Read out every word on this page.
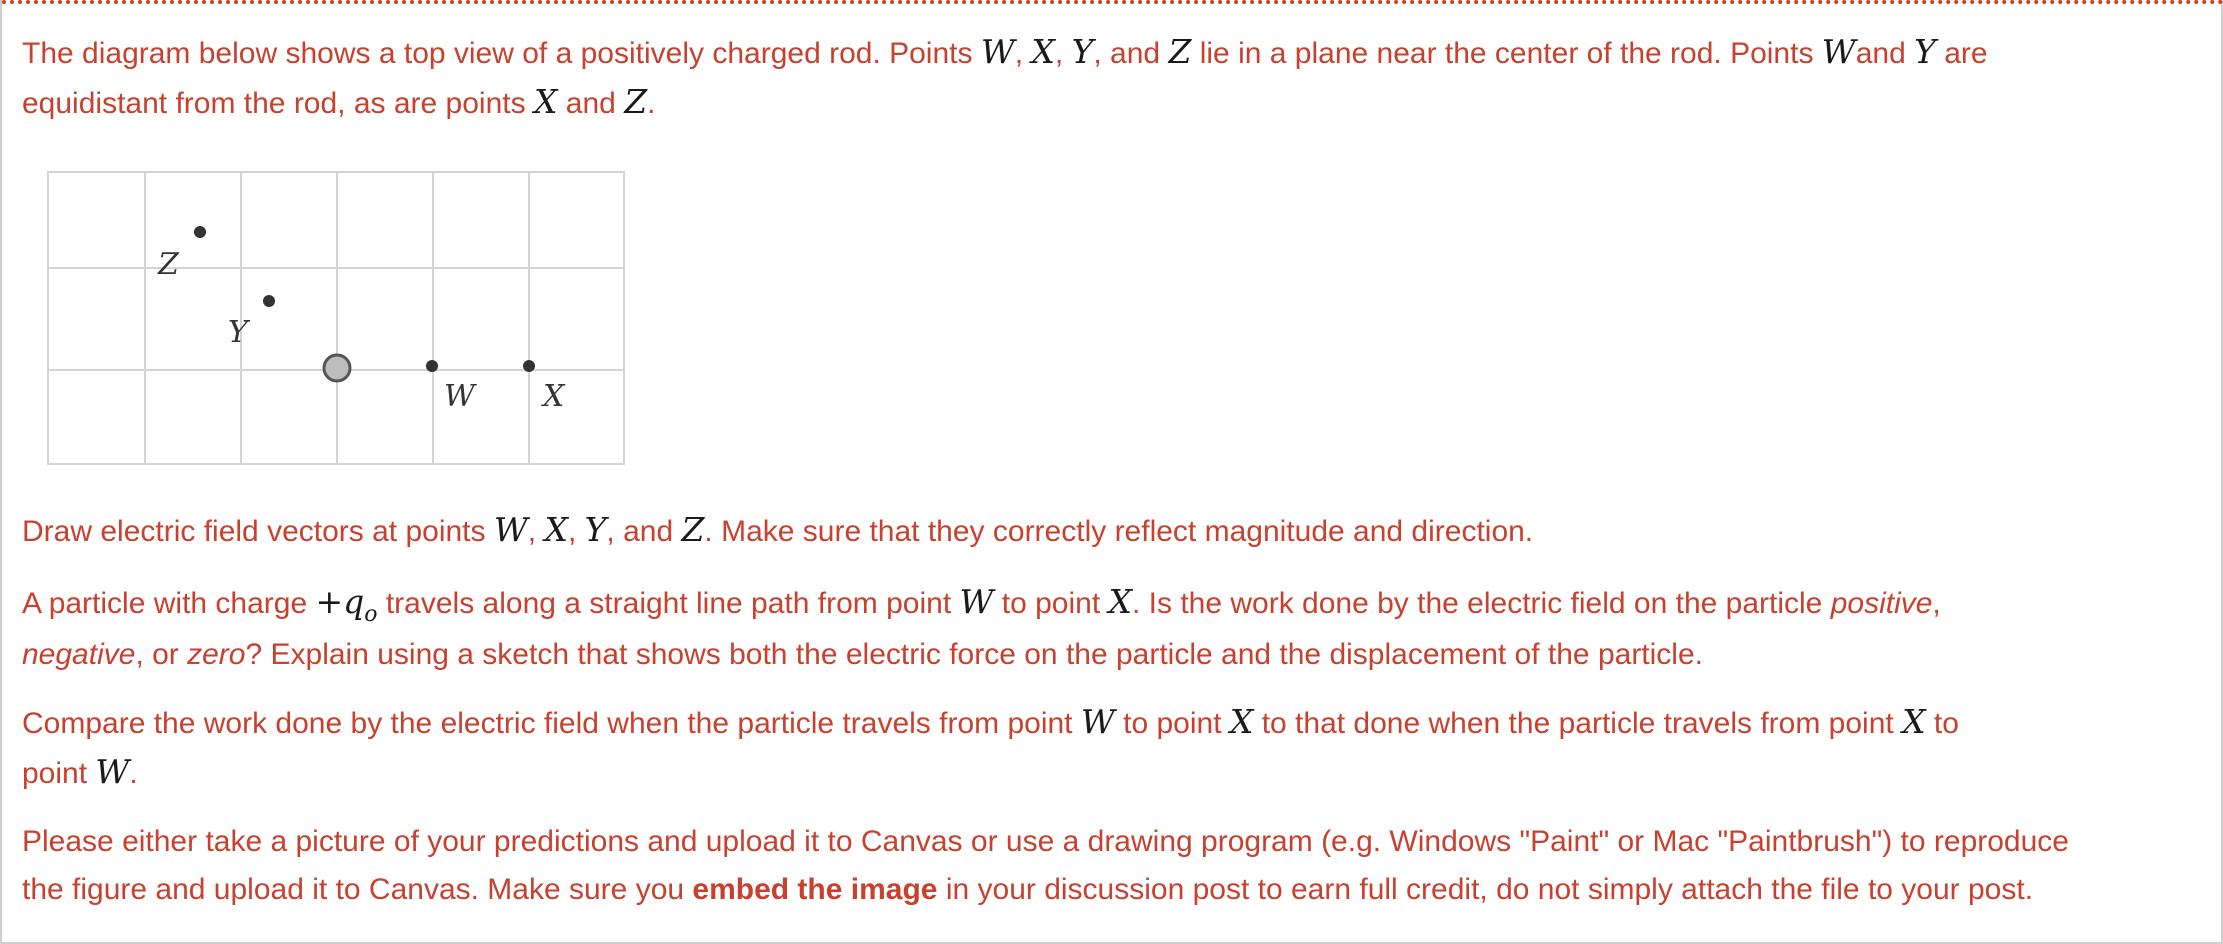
The diagram below shows a top view of a positively charged rod. Points W, X, Y, and Z lie in a plane near the center of the rod. Points Wand Y are
equidistant from the rod, as are points X and Z.

Z
Y
W X

Draw electric field vectors at points W, X, Y, and Z. Make sure that they correctly reflect magnitude and direction.

A particle with charge $+q_o$ travels along a straight line path from point W to point X. Is the work done by the electric field on the particle positive,
negative, or zero? Explain using a sketch that shows both the electric force on the particle and the displacement of the particle.

Compare the work done by the electric field when the particle travels from point W to point X to that done when the particle travels from point X to
point W.

Please either take a picture of your predictions and upload it to Canvas or use a drawing program (e.g. Windows "Paint" or Mac "Paintbrush") to reproduce
the figure and upload it to Canvas. Make sure you embed the image in your discussion post to earn full credit, do not simply attach the file to your post.
